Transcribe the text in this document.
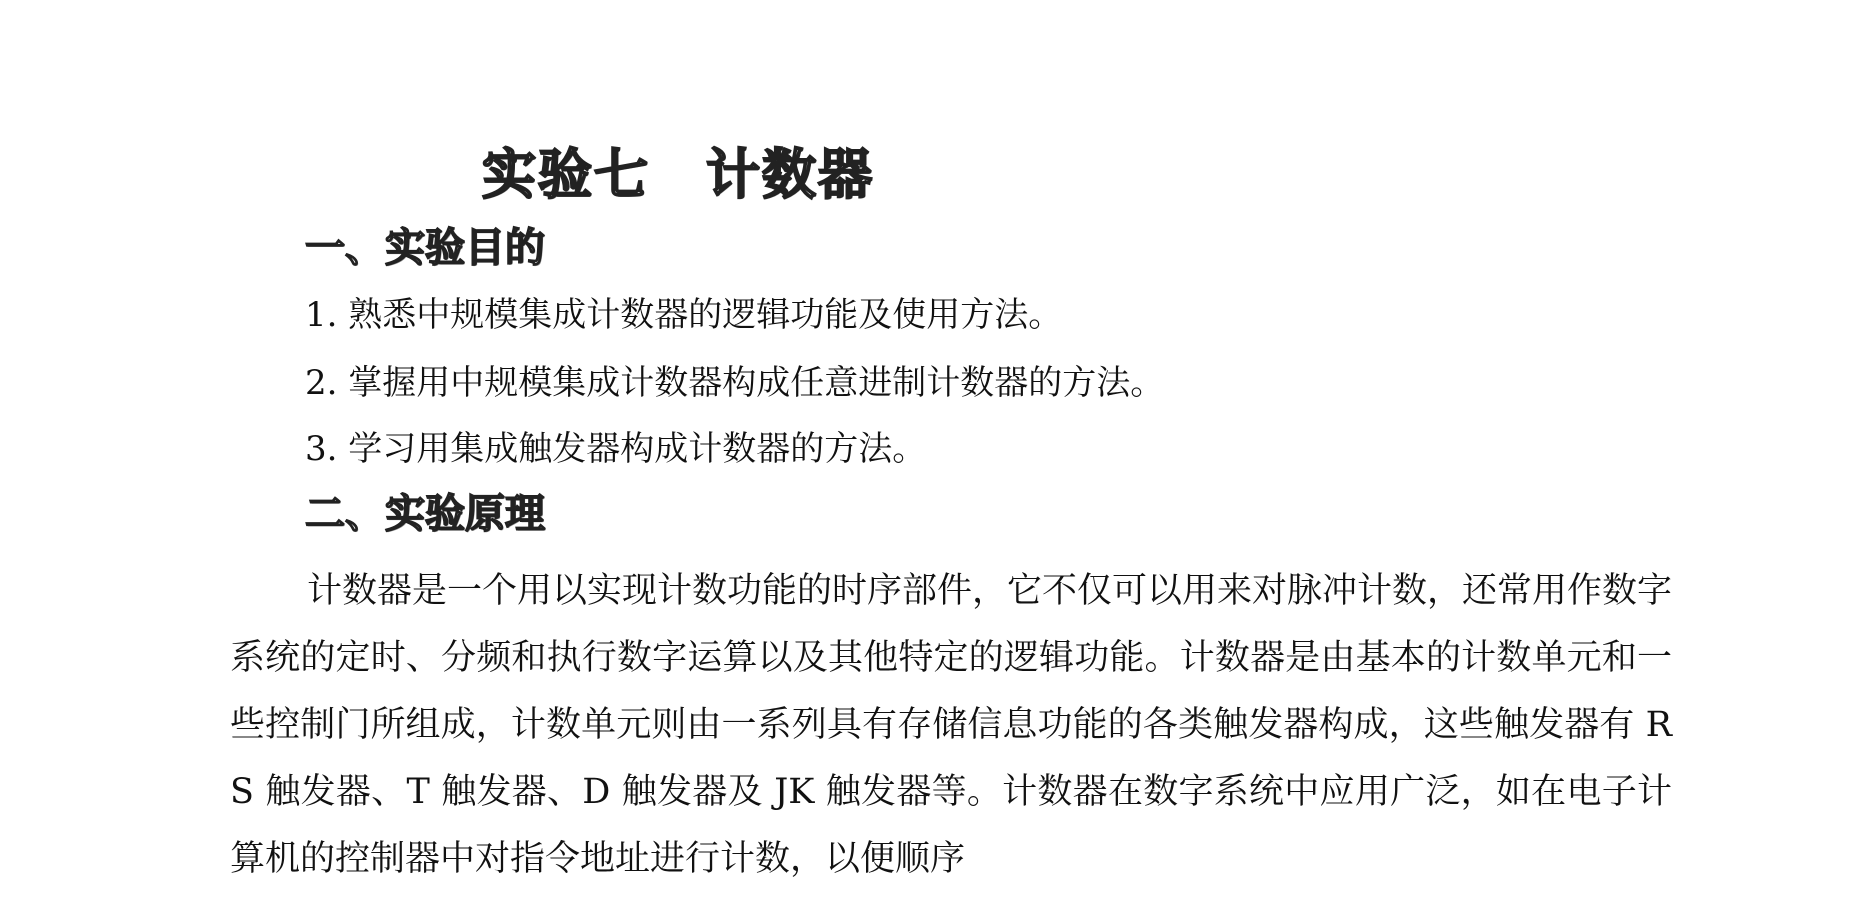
实验七　计数器
一、实验目的
1. 熟悉中规模集成计数器的逻辑功能及使用方法。
2. 掌握用中规模集成计数器构成任意进制计数器的方法。
3. 学习用集成触发器构成计数器的方法。
二、实验原理
计数器是一个用以实现计数功能的时序部件，它不仅可以用来对脉冲计数，还常用作数字系统的定时、分频和执行数字运算以及其他特定的逻辑功能。计数器是由基本的计数单元和一些控制门所组成，计数单元则由一系列具有存储信息功能的各类触发器构成，这些触发器有 RS 触发器、T 触发器、D 触发器及 JK 触发器等。计数器在数字系统中应用广泛，如在电子计算机的控制器中对指令地址进行计数，以便顺序
